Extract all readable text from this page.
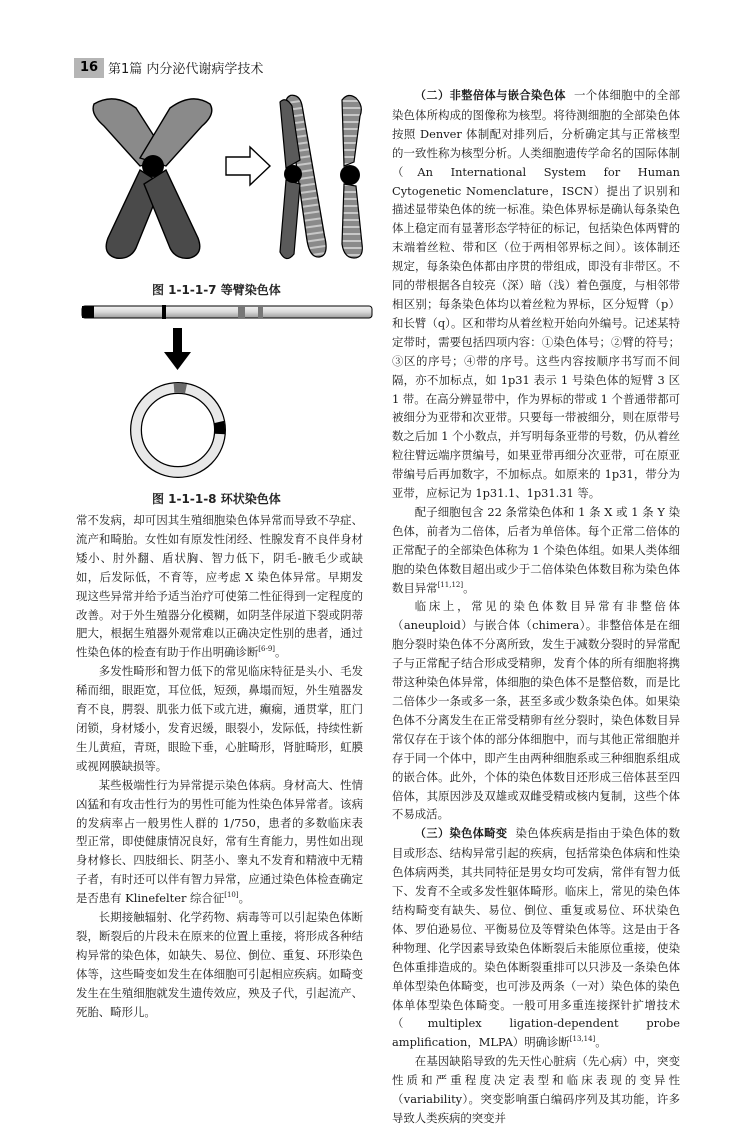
16 第1篇 内分泌代谢病学技术
图 1-1-1-7 等臂染色体
图 1-1-1-8 环状染色体

常不发病，却可因其生殖细胞染色体异常而导致不孕症、流产和畸胎。女性如有原发性闭经、性腺发育不良伴身材矮小、肘外翻、盾状胸、智力低下，阴毛-腋毛少或缺如，后发际低，不育等，应考虑 X 染色体异常。早期发现这些异常并给予适当治疗可使第二性征得到一定程度的改善。对于外生殖器分化模糊，如阴茎伴尿道下裂或阴蒂肥大，根据生殖器外观常难以正确决定性别的患者，通过性染色体的检查有助于作出明确诊断[6-9]。

多发性畸形和智力低下的常见临床特征是头小、毛发稀而细，眼距宽，耳位低，短颈，鼻塌而短，外生殖器发育不良，腭裂、肌张力低下或亢进，癫痫，通贯掌，肛门闭锁，身材矮小，发育迟缓，眼裂小，发际低，持续性新生儿黄疸，青斑，眼睑下垂，心脏畸形，肾脏畸形，虹膜或视网膜缺损等。

某些极端性行为异常提示染色体病。身材高大、性情凶猛和有攻击性行为的男性可能为性染色体异常者。该病的发病率占一般男性人群的 1/750，患者的多数临床表型正常，即使健康情况良好，常有生育能力，男性如出现身材修长、四肢细长、阴茎小、睾丸不发育和精液中无精子者，有时还可以伴有智力异常，应通过染色体检查确定是否患有 Klinefelter 综合征[10]。

长期接触辐射、化学药物、病毒等可以引起染色体断裂，断裂后的片段未在原来的位置上重接，将形成各种结构异常的染色体，如缺失、易位、倒位、重复、环形染色体等，这些畸变如发生在体细胞可引起相应疾病。如畸变发生在生殖细胞就发生遗传效应，殃及子代，引起流产、死胎、畸形儿。

（二）非整倍体与嵌合染色体 一个体细胞中的全部染色体所构成的图像称为核型。将待测细胞的全部染色体按照 Denver 体制配对排列后，分析确定其与正常核型的一致性称为核型分析。人类细胞遗传学命名的国际体制（An International System for Human Cytogenetic Nomenclature，ISCN）提出了识别和描述显带染色体的统一标准。染色体界标是确认每条染色体上稳定而有显著形态学特征的标记，包括染色体两臂的末端着丝粒、带和区（位于两相邻界标之间）。该体制还规定，每条染色体都由序贯的带组成，即没有非带区。不同的带根据各自较亮（深）暗（浅）着色强度，与相邻带相区别；每条染色体均以着丝粒为界标，区分短臂（p）和长臂（q）。区和带均从着丝粒开始向外编号。记述某特定带时，需要包括四项内容：①染色体号；②臂的符号；③区的序号；④带的序号。这些内容按顺序书写而不间隔，亦不加标点，如 1p31 表示 1 号染色体的短臂 3 区 1 带。在高分辨显带中，作为界标的带或 1 个普通带都可被细分为亚带和次亚带。只要每一带被细分，则在原带号数之后加 1 个小数点，并写明每条亚带的号数，仍从着丝粒往臂远端序贯编号，如果亚带再细分次亚带，可在原亚带编号后再加数字，不加标点。如原来的 1p31，带分为亚带，应标记为 1p31.1、1p31.31 等。

配子细胞包含 22 条常染色体和 1 条 X 或 1 条 Y 染色体，前者为二倍体，后者为单倍体。每个正常二倍体的正常配子的全部染色体称为 1 个染色体组。如果人类体细胞的染色体数目超出或少于二倍体染色体数目称为染色体数目异常[11,12]。

临床上，常见的染色体数目异常有非整倍体（aneuploid）与嵌合体（chimera）。非整倍体是在细胞分裂时染色体不分离所致，发生于减数分裂时的异常配子与正常配子结合形成受精卵，发育个体的所有细胞将携带这种染色体异常，体细胞的染色体不是整倍数，而是比二倍体少一条或多一条，甚至多或少数条染色体。如果染色体不分离发生在正常受精卵有丝分裂时，染色体数目异常仅存在于该个体的部分体细胞中，而与其他正常细胞并存于同一个体中，即产生由两种细胞系或三种细胞系组成的嵌合体。此外，个体的染色体数目还形成三倍体甚至四倍体，其原因涉及双雄或双雌受精或核内复制，这些个体不易成活。

（三）染色体畸变 染色体疾病是指由于染色体的数目或形态、结构异常引起的疾病，包括常染色体病和性染色体病两类，其共同特征是男女均可发病，常伴有智力低下、发育不全或多发性躯体畸形。临床上，常见的染色体结构畸变有缺失、易位、倒位、重复或易位、环状染色体、罗伯逊易位、平衡易位及等臂染色体等。这是由于各种物理、化学因素导致染色体断裂后未能原位重接，使染色体重排造成的。染色体断裂重排可以只涉及一条染色体单体型染色体畸变，也可涉及两条（一对）染色体的染色体单体型染色体畸变。一般可用多重连接探针扩增技术（multiplex ligation-dependent probe amplification，MLPA）明确诊断[13,14]。

在基因缺陷导致的先天性心脏病（先心病）中，突变性质和严重程度决定表型和临床表现的变异性（variability）。突变影响蛋白编码序列及其功能，许多导致人类疾病的突变并
